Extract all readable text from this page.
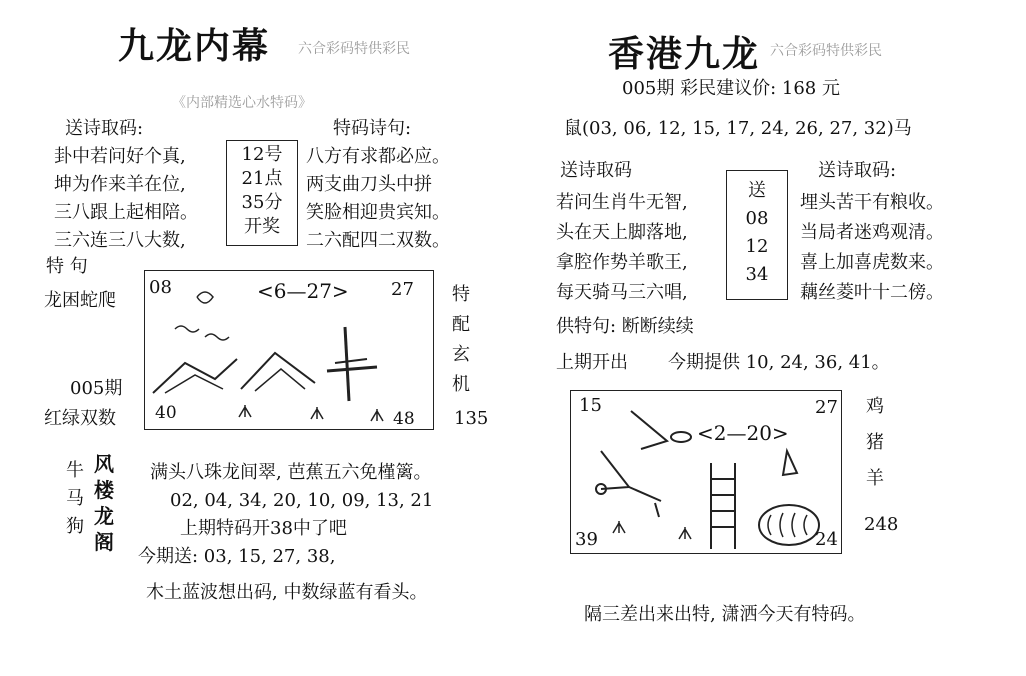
九龙内幕 六合彩码特供彩民
《内部精选心水特码》
送诗取码:	特码诗句:
卦中若问好个真,
坤为作来羊在位,
三八跟上起相陪。
三六连三八大数,
12号
21点
35分
开奖
八方有求都必应。
两支曲刀头中拼
笑脸相迎贵宾知。
二六配四二双数。
特 句
龙困蛇爬
005期
红绿双数
08	<6—27> 27
40	48
特
配
玄
机
135
牛
马
狗
风
楼
龙
阁
满头八珠龙间翠, 芭蕉五六免槿篱。
02, 04, 34, 20, 10, 09, 13, 21
上期特码开38中了吧
今期送: 03, 15, 27, 38,
木土蓝波想出码, 中数绿蓝有看头。
香港九龙 六合彩码特供彩民
005期 彩民建议价: 168 元
鼠(03, 06, 12, 15, 17, 24, 26, 27, 32)马
送诗取码	送诗取码:
若问生肖牛无智,
头在天上脚落地,
拿腔作势羊歌王,
每天骑马三六唱,
送
08
12
34
埋头苦干有粮收。
当局者迷鸡观清。
喜上加喜虎数来。
藕丝菱叶十二傍。
供特句: 断断续续
上期开出 今期提供 10, 24, 36, 41。
15
<2—20>
27
39	24
鸡
猪
羊
248
隔三差出来出特, 潇洒今天有特码。
